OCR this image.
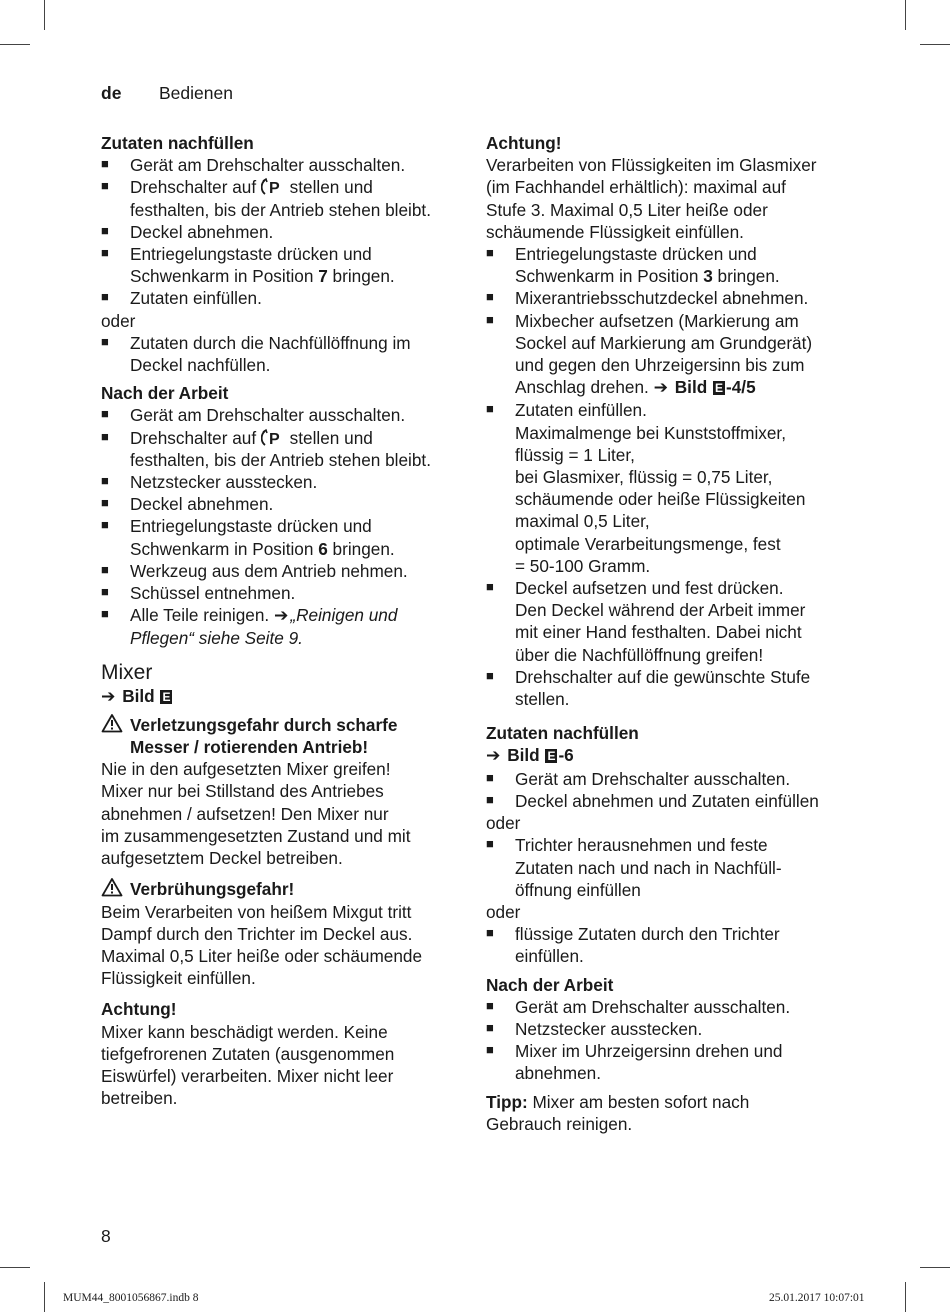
de Bedienen
Zutaten nachfüllen
■ Gerät am Drehschalter ausschalten.
■ Drehschalter auf P stellen und
festhalten, bis der Antrieb stehen bleibt.
■ Deckel abnehmen.
■ Entriegelungstaste drücken und
Schwenkarm in Position 7 bringen.
■ Zutaten einfüllen.
oder
■ Zutaten durch die Nachfüllöffnung im
Deckel nachfüllen.
Nach der Arbeit
■ Gerät am Drehschalter ausschalten.
■ Drehschalter auf P stellen und
festhalten, bis der Antrieb stehen bleibt.
■ Netzstecker ausstecken.
■ Deckel abnehmen.
■ Entriegelungstaste drücken und
Schwenkarm in Position 6 bringen.
■ Werkzeug aus dem Antrieb nehmen.
■ Schüssel entnehmen.
■ Alle Teile reinigen. ➔ „Reinigen und
Pflegen“ siehe Seite 9.
Mixer
➔ Bild E
Verletzungsgefahr durch scharfe
Messer / rotierenden Antrieb!
Nie in den aufgesetzten Mixer greifen!
Mixer nur bei Stillstand des Antriebes
abnehmen / aufsetzen! Den Mixer nur
im zusammengesetzten Zustand und mit
aufgesetztem Deckel betreiben.
Verbrühungsgefahr!
Beim Verarbeiten von heißem Mixgut tritt
Dampf durch den Trichter im Deckel aus.
Maximal 0,5 Liter heiße oder schäumende
Flüssigkeit einfüllen.
Achtung!
Mixer kann beschädigt werden. Keine
tiefgefrorenen Zutaten (ausgenommen
Eiswürfel) verarbeiten. Mixer nicht leer
betreiben.
Achtung!
Verarbeiten von Flüssigkeiten im Glasmixer
(im Fachhandel erhältlich): maximal auf
Stufe 3. Maximal 0,5 Liter heiße oder
schäumende Flüssigkeit einfüllen.
■ Entriegelungstaste drücken und
Schwenkarm in Position 3 bringen.
■ Mixerantriebsschutzdeckel abnehmen.
■ Mixbecher aufsetzen (Markierung am
Sockel auf Markierung am Grundgerät)
und gegen den Uhrzeigersinn bis zum
Anschlag drehen. ➔ Bild E -4/5
■ Zutaten einfüllen.
Maximalmenge bei Kunststoffmixer,
flüssig = 1 Liter,
bei Glasmixer, flüssig = 0,75 Liter,
schäumende oder heiße Flüssigkeiten
maximal 0,5 Liter,
optimale Verarbeitungsmenge, fest
= 50-100 Gramm.
■ Deckel aufsetzen und fest drücken.
Den Deckel während der Arbeit immer
mit einer Hand festhalten. Dabei nicht
über die Nachfüllöffnung greifen!
■ Drehschalter auf die gewünschte Stufe
stellen.
Zutaten nachfüllen
➔ Bild E -6
■ Gerät am Drehschalter ausschalten.
■ Deckel abnehmen und Zutaten einfüllen
oder
■ Trichter herausnehmen und feste
Zutaten nach und nach in Nachfüll-
öffnung einfüllen
oder
■ flüssige Zutaten durch den Trichter
einfüllen.
Nach der Arbeit
■ Gerät am Drehschalter ausschalten.
■ Netzstecker ausstecken.
■ Mixer im Uhrzeigersinn drehen und
abnehmen.
Tipp: Mixer am besten sofort nach
Gebrauch reinigen.
8
MUM44_8001056867.indb 8	25.01.2017 10:07:01
